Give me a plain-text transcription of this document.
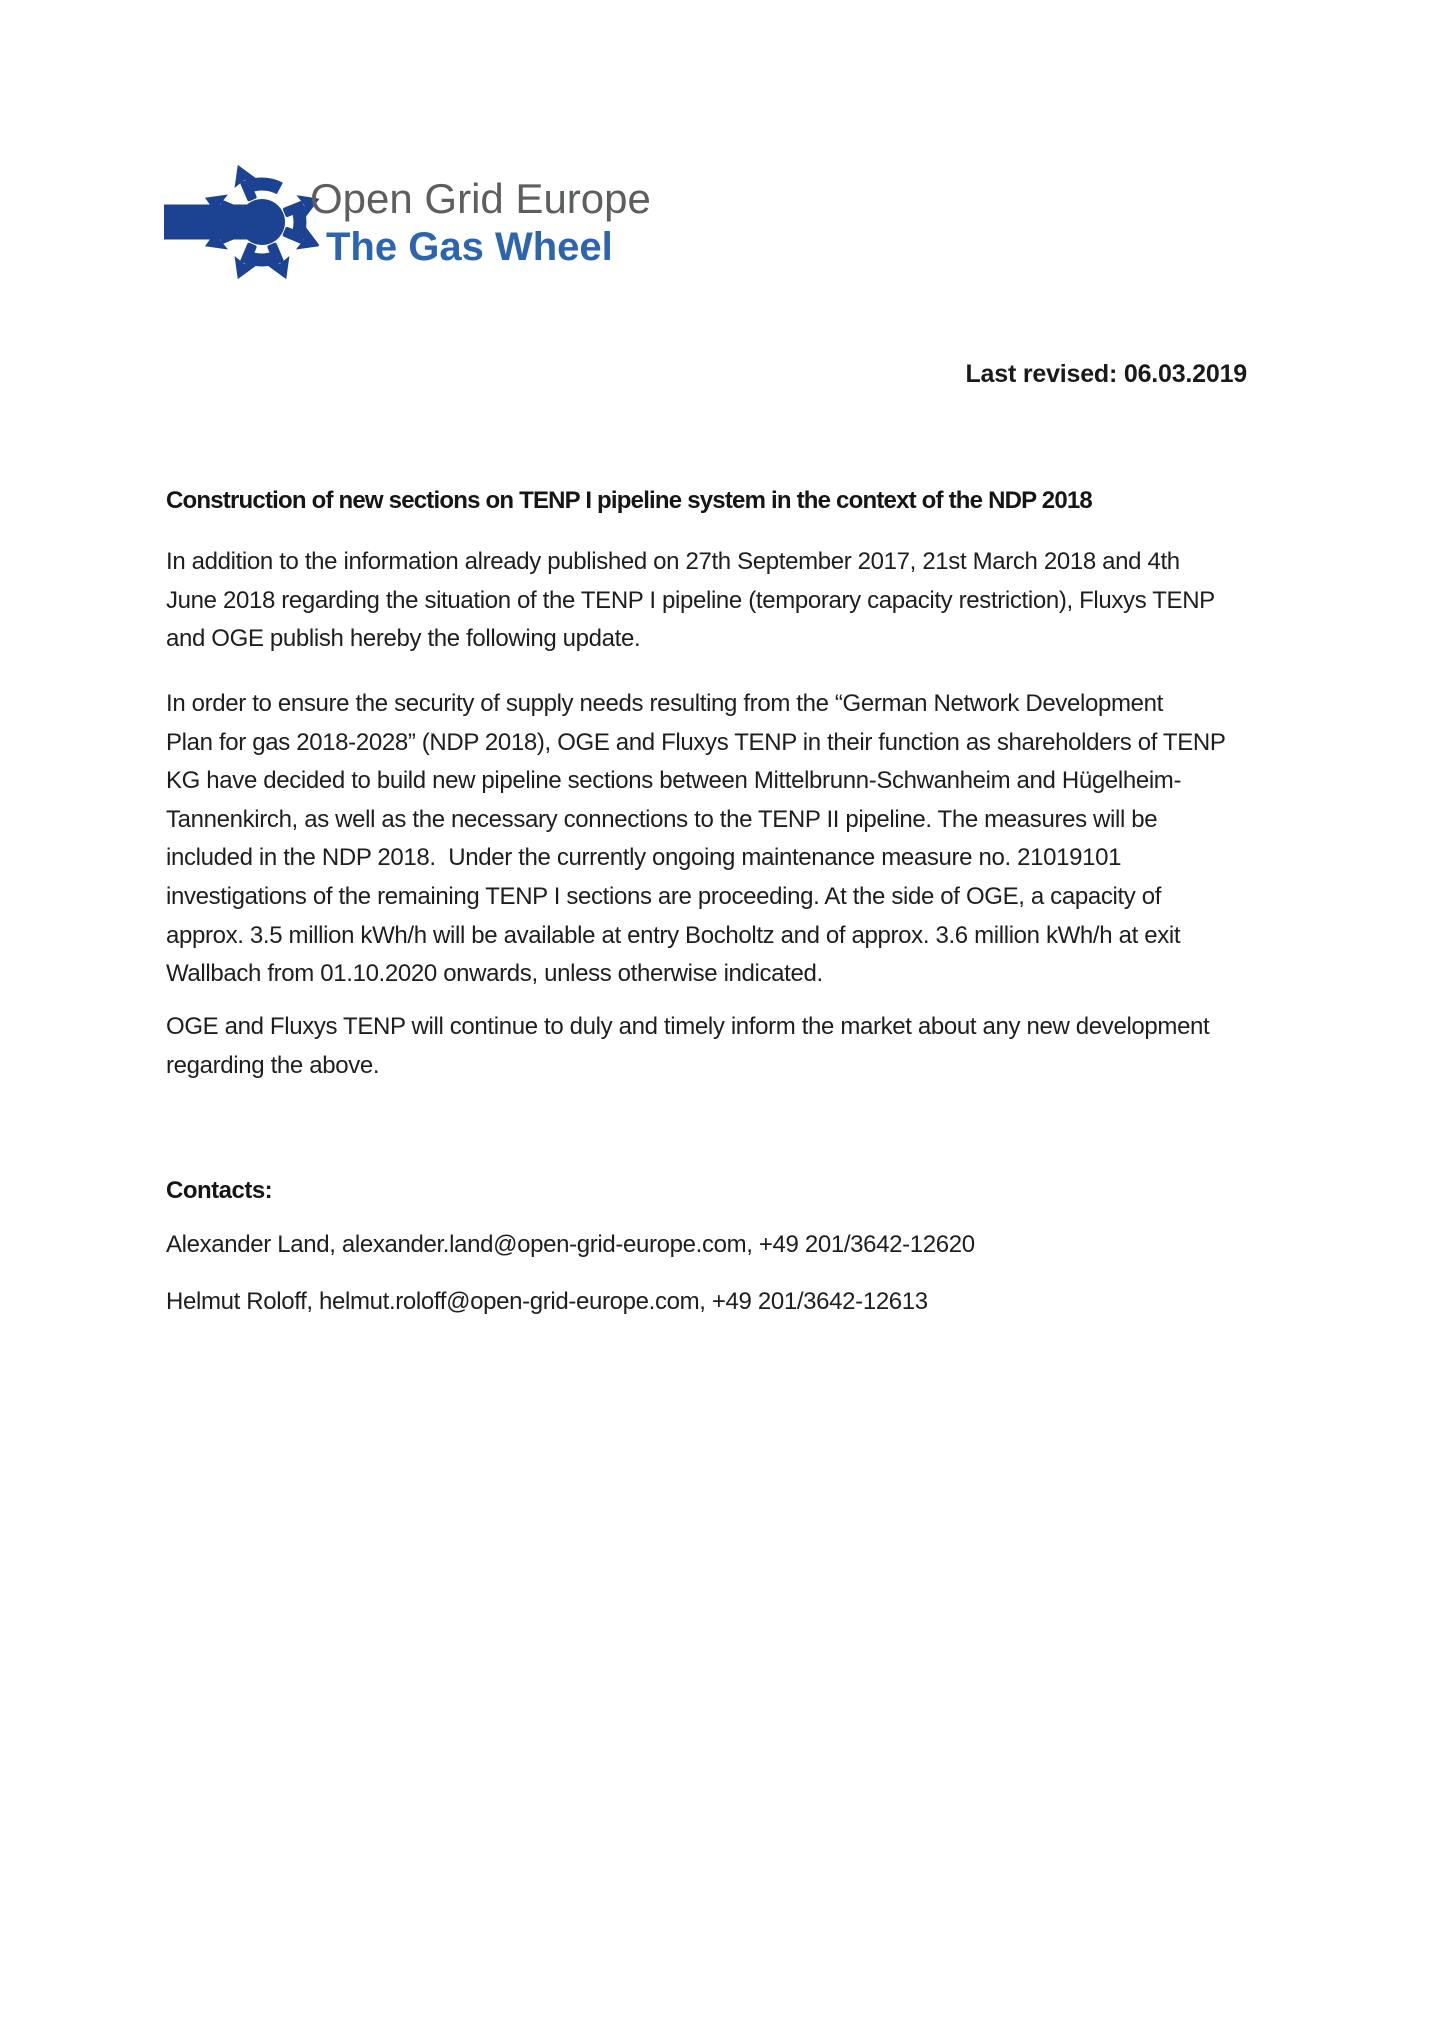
Open Grid Europe
The Gas Wheel
Last revised: 06.03.2019
Construction of new sections on TENP I pipeline system in the context of the NDP 2018
In addition to the information already published on 27th September 2017, 21st March 2018 and 4th
June 2018 regarding the situation of the TENP I pipeline (temporary capacity restriction), Fluxys TENP
and OGE publish hereby the following update.
In order to ensure the security of supply needs resulting from the “German Network Development
Plan for gas 2018-2028” (NDP 2018), OGE and Fluxys TENP in their function as shareholders of TENP
KG have decided to build new pipeline sections between Mittelbrunn-Schwanheim and Hügelheim-
Tannenkirch, as well as the necessary connections to the TENP II pipeline. The measures will be
included in the NDP 2018.  Under the currently ongoing maintenance measure no. 21019101
investigations of the remaining TENP I sections are proceeding. At the side of OGE, a capacity of
approx. 3.5 million kWh/h will be available at entry Bocholtz and of approx. 3.6 million kWh/h at exit
Wallbach from 01.10.2020 onwards, unless otherwise indicated.
OGE and Fluxys TENP will continue to duly and timely inform the market about any new development
regarding the above.
Contacts:
Alexander Land, alexander.land@open-grid-europe.com, +49 201/3642-12620
Helmut Roloff, helmut.roloff@open-grid-europe.com, +49 201/3642-12613
